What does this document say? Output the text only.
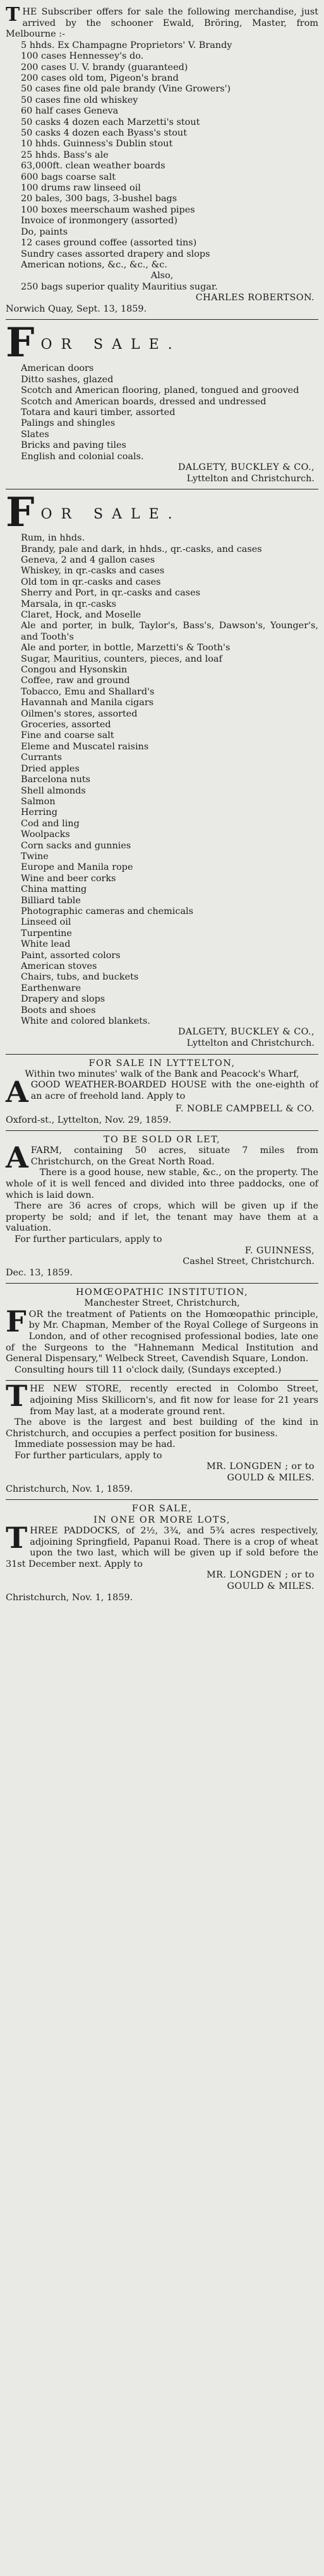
T HE Subscriber offers for sale the following merchandise, just arrived by the schooner Ewald, Bröring, Master, from Melbourne :-

5 hhds. Ex Champagne Proprietors' V. Brandy
100 cases Hennessey's do.
200 cases U. V. brandy (guaranteed)
200 cases old tom, Pigeon's brand
50 cases fine old pale brandy (Vine Growers')
50 cases fine old whiskey
60 half cases Geneva
50 casks 4 dozen each Marzetti's stout
50 casks 4 dozen each Byass's stout
10 hhds. Guinness's Dublin stout
25 hhds. Bass's ale
63,000ft. clean weather boards
600 bags coarse salt
100 drums raw linseed oil
20 bales, 300 bags, 3-bushel bags
100 boxes meerschaum washed pipes
Invoice of ironmongery (assorted)
Do, paints
12 cases ground coffee (assorted tins)
Sundry cases assorted drapery and slops
American notions, &c., &c., &c.
Also,
250 bags superior quality Mauritius sugar.
CHARLES ROBERTSON.
Norwich Quay, Sept. 13, 1859.
FOR SALE.
American doors
Ditto sashes, glazed
Scotch and American flooring, planed, tongued and grooved
Scotch and American boards, dressed and undressed
Totara and kauri timber, assorted
Palings and shingles
Slates
Bricks and paving tiles
English and colonial coals.
DALGETY, BUCKLEY & CO.,
Lyttelton and Christchurch.
FOR SALE.
Rum, in hhds.
Brandy, pale and dark, in hhds., qr.-casks, and cases
Geneva, 2 and 4 gallon cases
Whiskey, in qr.-casks and cases
Old tom in qr.-casks and cases
Sherry and Port, in qr.-casks and cases
Marsala, in qr.-casks
Claret, Hock, and Moselle
Ale and porter, in bulk, Taylor's, Bass's, Dawson's, Younger's, and Tooth's
Ale and porter, in bottle, Marzetti's & Tooth's
Sugar, Mauritius, counters, pieces, and loaf
Congou and Hysonskin
Coffee, raw and ground
Tobacco, Emu and Shallard's
Havannah and Manila cigars
Oilmen's stores, assorted
Groceries, assorted
Fine and coarse salt
Eleme and Muscatel raisins
Currants
Dried apples
Barcelona nuts
Shell almonds
Salmon
Herring
Cod and ling
Woolpacks
Corn sacks and gunnies
Twine
Europe and Manila rope
Wine and beer corks
China matting
Billiard table
Photographic cameras and chemicals
Linseed oil
Turpentine
White lead
Paint, assorted colors
American stoves
Chairs, tubs, and buckets
Earthenware
Drapery and slops
Boots and shoes
White and colored blankets.
DALGETY, BUCKLEY & CO.,
Lyttelton and Christchurch.
FOR SALE IN LYTTELTON,
Within two minutes' walk of the Bank and Peacock's Wharf,
A GOOD WEATHER-BOARDED HOUSE with the one-eighth of an acre of freehold land. Apply to

F. NOBLE CAMPBELL & CO.
Oxford-st., Lyttelton, Nov. 29, 1859.
TO BE SOLD OR LET,
A FARM, containing 50 acres, situate 7 miles from Christchurch, on the Great North Road.

There is a good house, new stable, &c., on the property. The whole of it is well fenced and divided into three paddocks, one of which is laid down.

There are 36 acres of crops, which will be given up if the property be sold; and if let, the tenant may have them at a valuation.

For further particulars, apply to

F. GUINNESS,
Cashel Street, Christchurch.
Dec. 13, 1859.
HOMŒOPATHIC INSTITUTION,
Manchester Street, Christchurch,
F OR the treatment of Patients on the Homœopathic principle, by Mr. Chapman, Member of the Royal College of Surgeons in London, and of other recognised professional bodies, late one of the Surgeons to the "Hahnemann Medical Institution and General Dispensary," Welbeck Street, Cavendish Square, London.

Consulting hours till 11 o'clock daily, (Sundays excepted.)

T HE NEW STORE, recently erected in Colombo Street, adjoining Miss Skillicorn's, and fit now for lease for 21 years from May last, at a moderate ground rent.

The above is the largest and best building of the kind in Christchurch, and occupies a perfect position for business.

Immediate possession may be had.

For further particulars, apply to

MR. LONGDEN ; or to
GOULD & MILES.
Christchurch, Nov. 1, 1859.
FOR SALE,
IN ONE OR MORE LOTS,
T HREE PADDOCKS, of 2½, 3¾, and 5¾ acres respectively, adjoining Springfield, Papanui Road. There is a crop of wheat upon the two last, which will be given up if sold before the 31st December next. Apply to

MR. LONGDEN ; or to
GOULD & MILES.
Christchurch, Nov. 1, 1859.
